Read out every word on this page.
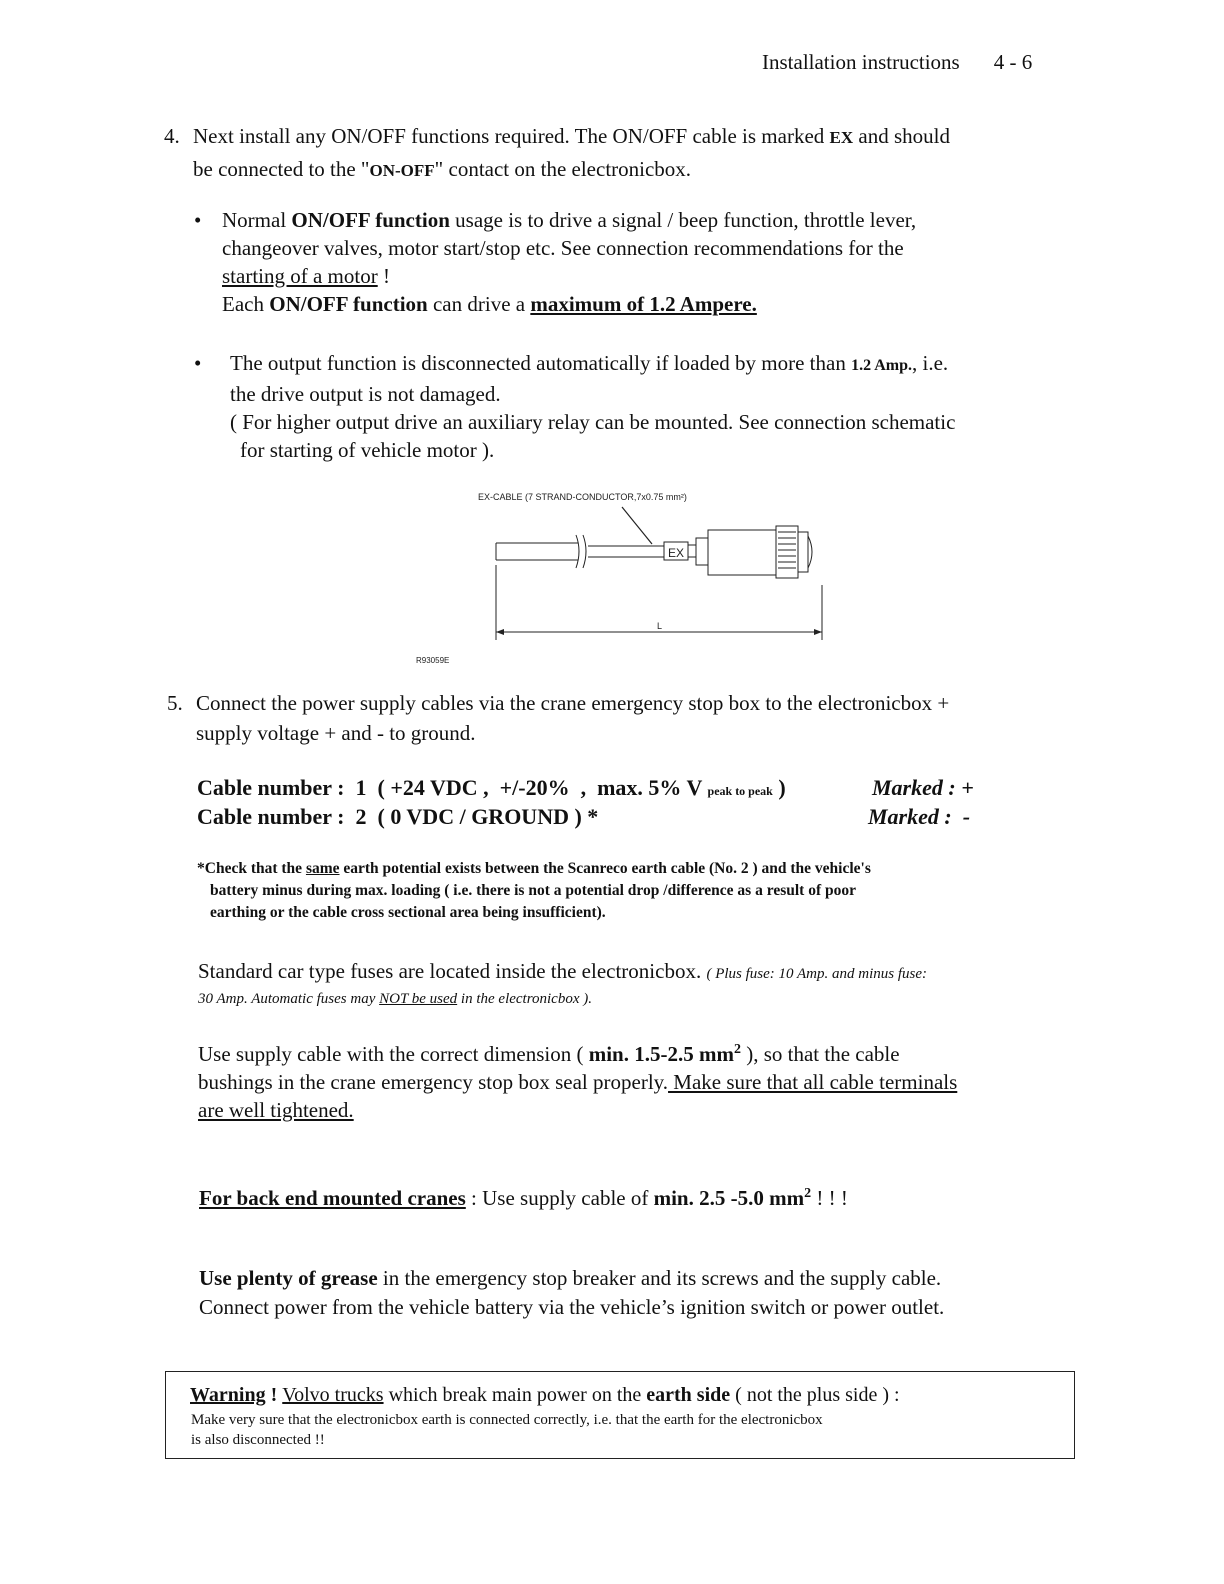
Installation instructions 4 - 6
4. Next install any ON/OFF functions required. The ON/OFF cable is marked EX and should
be connected to the "ON-OFF" contact on the electronicbox.
• Normal ON/OFF function usage is to drive a signal / beep function, throttle lever,
changeover valves, motor start/stop etc. See connection recommendations for the
starting of a motor !
Each ON/OFF function can drive a maximum of 1.2 Ampere.
• The output function is disconnected automatically if loaded by more than 1.2 Amp., i.e.
the drive output is not damaged.
( For higher output drive an auxiliary relay can be mounted. See connection schematic
for starting of vehicle motor ).
EX-CABLE (7 STRAND-CONDUCTOR,7x0.75 mm²)
EX
L
R93059E
5. Connect the power supply cables via the crane emergency stop box to the electronicbox +
supply voltage + and - to ground.
Cable number :  1  ( +24 VDC ,  +/-20%  ,  max. 5% V peak to peak )	Marked : +
Cable number :  2  ( 0 VDC / GROUND ) *	Marked :  -
*Check that the same earth potential exists between the Scanreco earth cable (No. 2 ) and the vehicle's
battery minus during max. loading ( i.e. there is not a potential drop /difference as a result of poor
earthing or the cable cross sectional area being insufficient).
Standard car type fuses are located inside the electronicbox. ( Plus fuse: 10 Amp. and minus fuse:
30 Amp. Automatic fuses may NOT be used in the electronicbox ).
Use supply cable with the correct dimension ( min. 1.5-2.5 $mm^2$ ), so that the cable
bushings in the crane emergency stop box seal properly. Make sure that all cable terminals
are well tightened.
For back end mounted cranes : Use supply cable of min. 2.5 -5.0 $mm^2$ ! ! !
Use plenty of grease in the emergency stop breaker and its screws and the supply cable.
Connect power from the vehicle battery via the vehicle’s ignition switch or power outlet.
Warning ! Volvo trucks which break main power on the earth side ( not the plus side ) :
Make very sure that the electronicbox earth is connected correctly, i.e. that the earth for the electronicbox
is also disconnected !!
